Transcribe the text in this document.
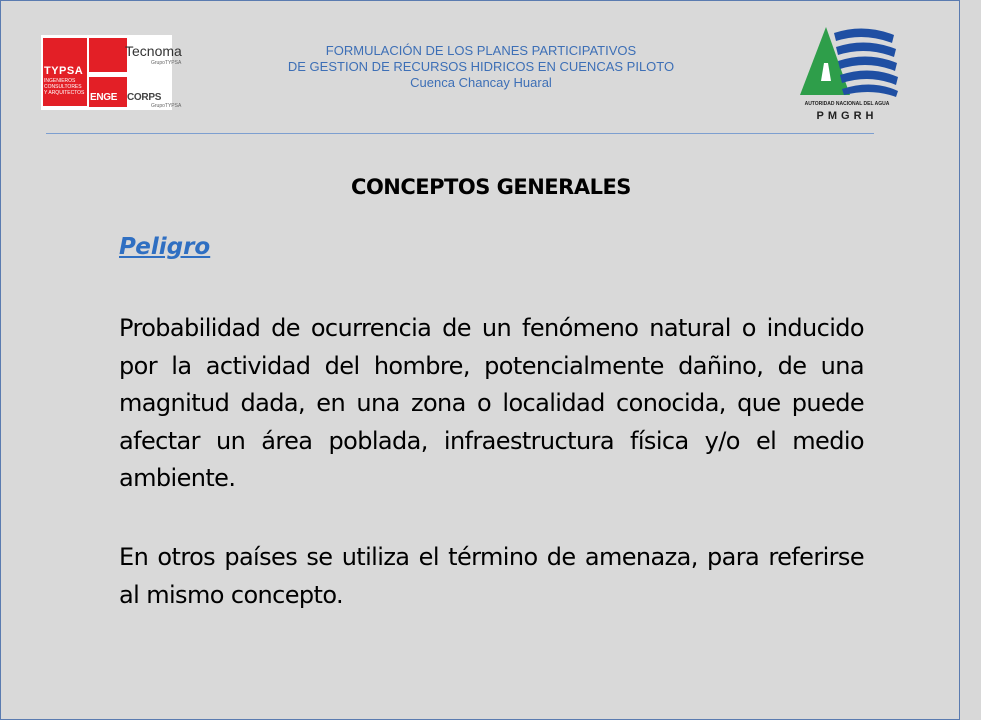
TYPSA
INGENIEROS CONSULTORES Y ARQUITECTOS
Tecnoma
GrupoTYPSA
ENGE CORPS
GrupoTYPSA
FORMULACIÓN DE LOS PLANES PARTICIPATIVOS
DE GESTION DE RECURSOS HIDRICOS EN CUENCAS PILOTO
Cuenca Chancay Huaral
AUTORIDAD NACIONAL DEL AGUA
PMGRH
CONCEPTOS GENERALES
Peligro
Probabilidad de ocurrencia de un fenómeno natural o inducido por la actividad del hombre, potencialmente dañino, de una magnitud dada, en una zona o localidad conocida, que puede afectar un área poblada, infraestructura física y/o el medio ambiente.
En otros países se utiliza el término de amenaza, para referirse al mismo concepto.
